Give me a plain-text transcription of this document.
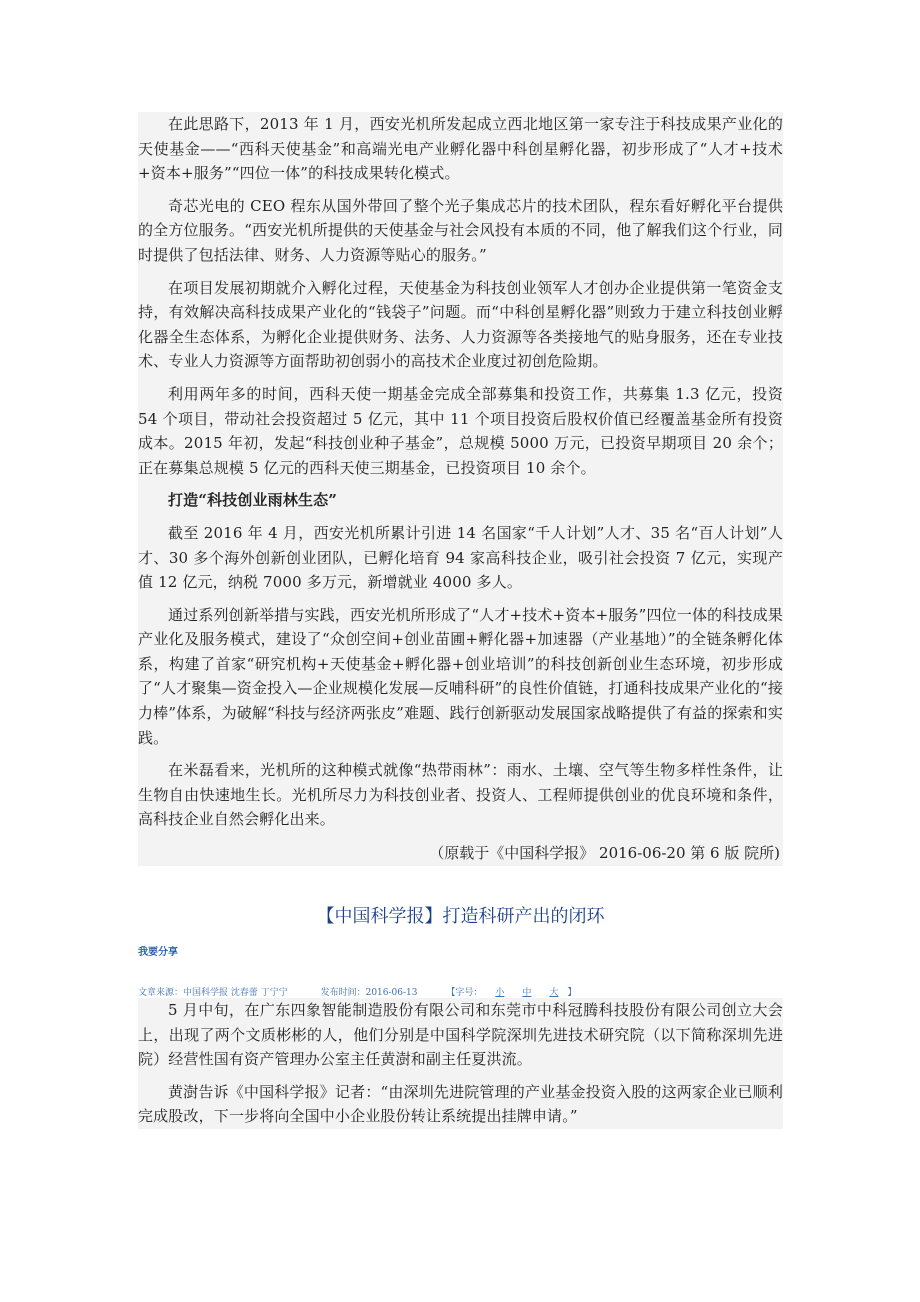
在此思路下，2013 年 1 月，西安光机所发起成立西北地区第一家专注于科技成果产业化的天使基金——“西科天使基金”和高端光电产业孵化器中科创星孵化器，初步形成了“人才+技术+资本+服务”“四位一体”的科技成果转化模式。

奇芯光电的 CEO 程东从国外带回了整个光子集成芯片的技术团队，程东看好孵化平台提供的全方位服务。“西安光机所提供的天使基金与社会风投有本质的不同，他了解我们这个行业，同时提供了包括法律、财务、人力资源等贴心的服务。”

在项目发展初期就介入孵化过程，天使基金为科技创业领军人才创办企业提供第一笔资金支持，有效解决高科技成果产业化的“钱袋子”问题。而“中科创星孵化器”则致力于建立科技创业孵化器全生态体系，为孵化企业提供财务、法务、人力资源等各类接地气的贴身服务，还在专业技术、专业人力资源等方面帮助初创弱小的高技术企业度过初创危险期。

利用两年多的时间，西科天使一期基金完成全部募集和投资工作，共募集 1.3 亿元，投资 54 个项目，带动社会投资超过 5 亿元，其中 11 个项目投资后股权价值已经覆盖基金所有投资成本。2015 年初，发起“科技创业种子基金”，总规模 5000 万元，已投资早期项目 20 余个；正在募集总规模 5 亿元的西科天使三期基金，已投资项目 10 余个。

打造“科技创业雨林生态”

截至 2016 年 4 月，西安光机所累计引进 14 名国家“千人计划”人才、35 名“百人计划”人才、30 多个海外创新创业团队，已孵化培育 94 家高科技企业，吸引社会投资 7 亿元，实现产值 12 亿元，纳税 7000 多万元，新增就业 4000 多人。

通过系列创新举措与实践，西安光机所形成了“人才+技术+资本+服务”四位一体的科技成果产业化及服务模式，建设了“众创空间+创业苗圃+孵化器+加速器（产业基地）”的全链条孵化体系，构建了首家“研究机构+天使基金+孵化器+创业培训”的科技创新创业生态环境，初步形成了“人才聚集—资金投入—企业规模化发展—反哺科研”的良性价值链，打通科技成果产业化的“接力棒”体系，为破解“科技与经济两张皮”难题、践行创新驱动发展国家战略提供了有益的探索和实践。

在米磊看来，光机所的这种模式就像“热带雨林”：雨水、土壤、空气等生物多样性条件，让生物自由快速地生长。光机所尽力为科技创业者、投资人、工程师提供创业的优良环境和条件，高科技企业自然会孵化出来。

（原载于《中国科学报》 2016-06-20 第 6 版 院所)

【中国科学报】打造科研产出的闭环
我要分享
文章来源：中国科学报 沈春蕾 丁宁宁	发布时间：2016-06-13	【字号： 小 中 大 】

5 月中旬，在广东四象智能制造股份有限公司和东莞市中科冠腾科技股份有限公司创立大会上，出现了两个文质彬彬的人，他们分别是中国科学院深圳先进技术研究院（以下简称深圳先进院）经营性国有资产管理办公室主任黄澍和副主任夏洪流。

黄澍告诉《中国科学报》记者：“由深圳先进院管理的产业基金投资入股的这两家企业已顺利完成股改，下一步将向全国中小企业股份转让系统提出挂牌申请。”
